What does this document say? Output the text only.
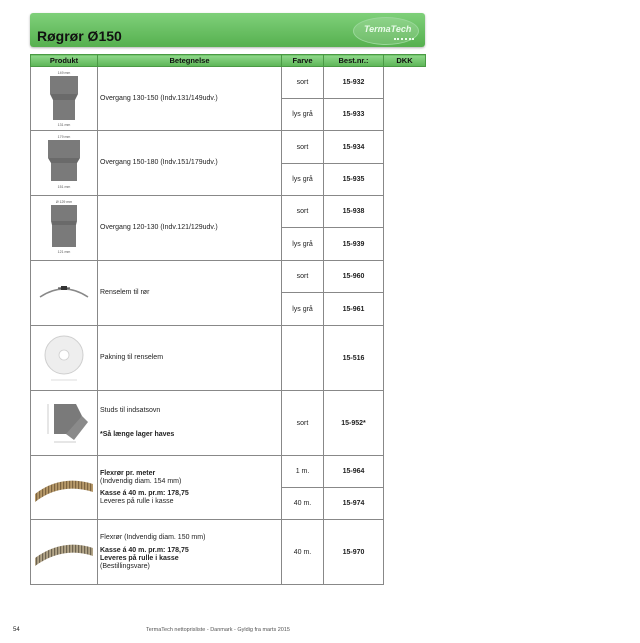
Røgrør Ø150	TermaTech
Produkt	Betegnelse	Farve	Best.nr.:	DKK

149 mm
131 mm	Overgang 130-150 (Indv.131/149udv.)	sort	15-932	
		lys grå	15-933	

179 mm
151 mm	Overgang 150-180 (Indv.151/179udv.)	sort	15-934	
		lys grå	15-935	

Ø 129 mm
121 mm	Overgang 120-130 (Indv.121/129udv.)	sort	15-938	
		lys grå	15-939	
	Renselem til rør	sort	15-960	
		lys grå	15-961	
	Pakning til renselem		15-516	

Studs til indsatsovn
*Så længe lager haves	sort	15-952*	

Flexrør pr. meter
(Indvendig diam. 154 mm)
Kasse á 40 m. pr.m: 178,75
Leveres på rulle i kasse	1 m.	15-964	
		40 m.	15-974	

Flexrør (Indvendig diam. 150 mm)
Kasse á 40 m. pr.m: 178,75
Leveres på rulle i kasse
(Bestillingsvare)	40 m.	15-970	
54	TermaTech nettoprisliste - Danmark - Gyldig fra marts 2015
